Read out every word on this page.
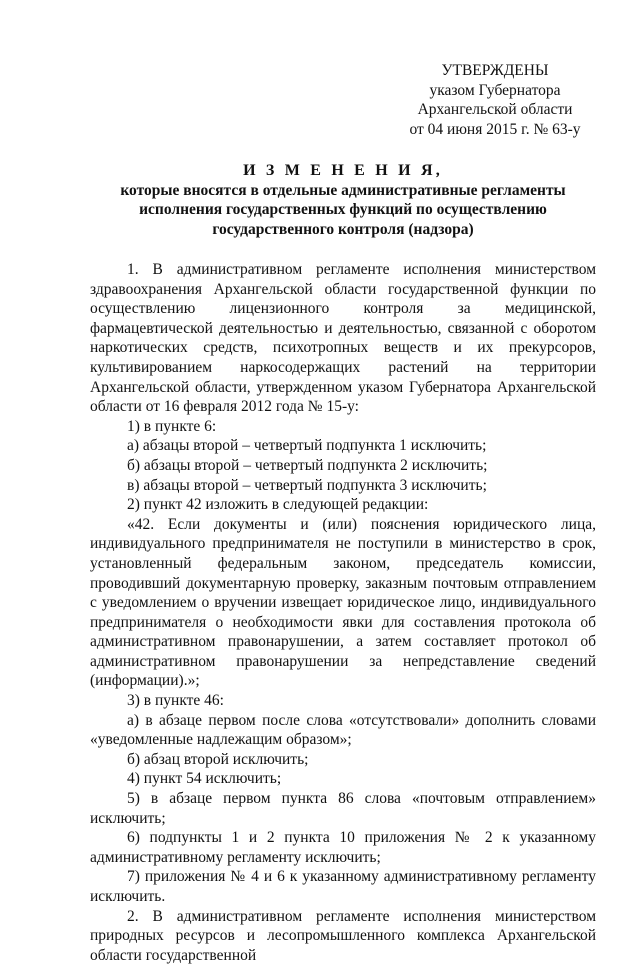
УТВЕРЖДЕНЫ
указом Губернатора
Архангельской области
от 04 июня 2015 г. № 63-у
И З М Е Н Е Н И Я,
которые вносятся в отдельные административные регламенты
исполнения государственных функций по осуществлению
государственного контроля (надзора)

1. В административном регламенте исполнения министерством здравоохранения Архангельской области государственной функции по осуществлению лицензионного контроля за медицинской, фармацевтической деятельностью и деятельностью, связанной с оборотом наркотических средств, психотропных веществ и их прекурсоров, культивированием наркосодержащих растений на территории Архангельской области, утвержденном указом Губернатора Архангельской области от 16 февраля 2012 года № 15-у:

1) в пункте 6:

а) абзацы второй – четвертый подпункта 1 исключить;

б) абзацы второй – четвертый подпункта 2 исключить;

в) абзацы второй – четвертый подпункта 3 исключить;

2) пункт 42 изложить в следующей редакции:

«42. Если документы и (или) пояснения юридического лица, индивидуального предпринимателя не поступили в министерство в срок, установленный федеральным законом, председатель комиссии, проводивший документарную проверку, заказным почтовым отправлением с уведомлением о вручении извещает юридическое лицо, индивидуального предпринимателя о необходимости явки для составления протокола об административном правонарушении, а затем составляет протокол об административном правонарушении за непредставление сведений (информации).»;

3) в пункте 46:

а) в абзаце первом после слова «отсутствовали» дополнить словами «уведомленные надлежащим образом»;

б) абзац второй исключить;

4) пункт 54 исключить;

5) в абзаце первом пункта 86 слова «почтовым отправлением» исключить;

6) подпункты 1 и 2 пункта 10 приложения № 2 к указанному административному регламенту исключить;

7) приложения № 4 и 6 к указанному административному регламенту исключить.

2. В административном регламенте исполнения министерством природных ресурсов и лесопромышленного комплекса Архангельской области государственной
